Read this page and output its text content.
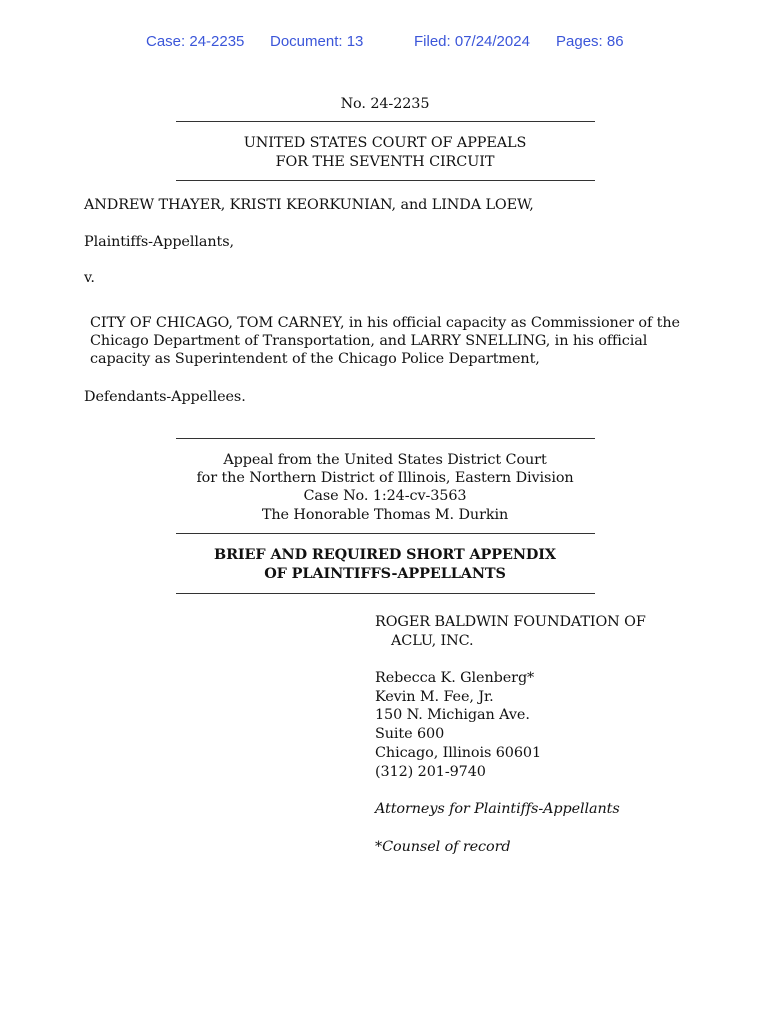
Case: 24-2235 Document: 13	Filed: 07/24/2024 Pages: 86
No. 24-2235
UNITED STATES COURT OF APPEALS
FOR THE SEVENTH CIRCUIT
ANDREW THAYER, KRISTI KEORKUNIAN, and LINDA LOEW,
Plaintiffs-Appellants,
v.
CITY OF CHICAGO, TOM CARNEY, in his official capacity as Commissioner of the
Chicago Department of Transportation, and LARRY SNELLING, in his official
capacity as Superintendent of the Chicago Police Department,
Defendants-Appellees.
Appeal from the United States District Court
for the Northern District of Illinois, Eastern Division
Case No. 1:24-cv-3563
The Honorable Thomas M. Durkin
BRIEF AND REQUIRED SHORT APPENDIX
OF PLAINTIFFS-APPELLANTS
ROGER BALDWIN FOUNDATION OF
ACLU, INC.
Rebecca K. Glenberg*
Kevin M. Fee, Jr.
150 N. Michigan Ave.
Suite 600
Chicago, Illinois 60601
(312) 201-9740
Attorneys for Plaintiffs-Appellants
*Counsel of record
